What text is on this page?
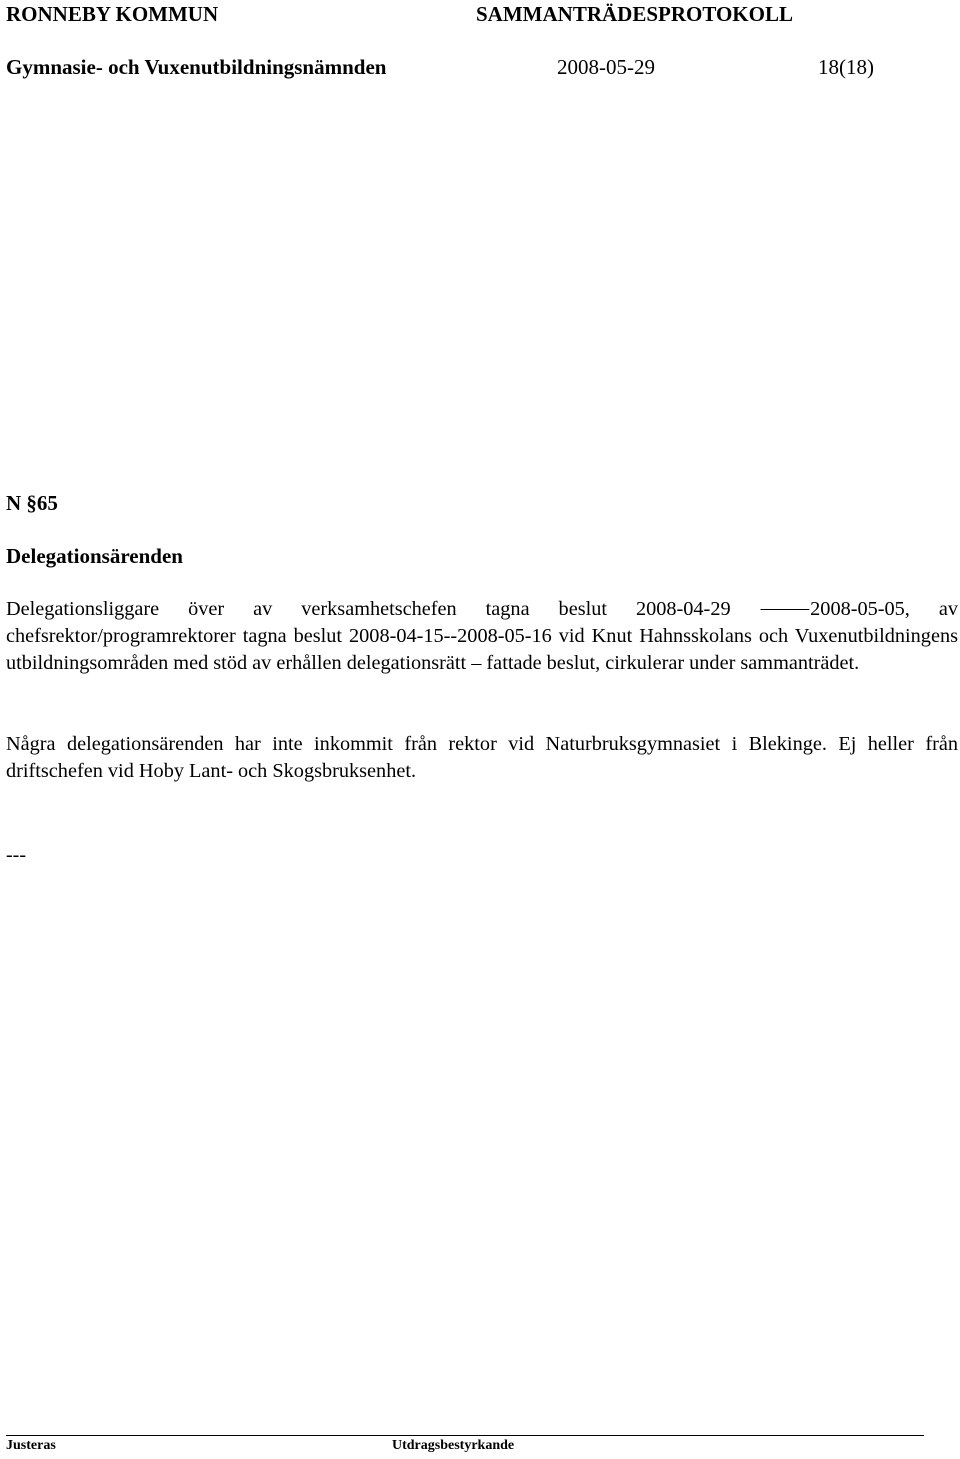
RONNEBY KOMMUN	SAMMANTRÄDESPROTOKOLL
Gymnasie- och Vuxenutbildningsnämnden	2008-05-29	18(18)
N §65
Delegationsärenden
Delegationsliggare över av verksamhetschefen tagna beslut 2008-04-29 ⸻2008-05-05, av chefsrektor/programrektorer tagna beslut 2008-04-15--2008-05-16 vid Knut Hahnsskolans och Vuxenutbildningens utbildningsområden med stöd av erhållen delegationsrätt – fattade beslut, cirkulerar under sammanträdet.
Några delegationsärenden har inte inkommit från rektor vid Naturbruksgymnasiet i Blekinge. Ej heller från driftschefen vid Hoby Lant- och Skogsbruksenhet.
---
Justeras	Utdragsbestyrkande
